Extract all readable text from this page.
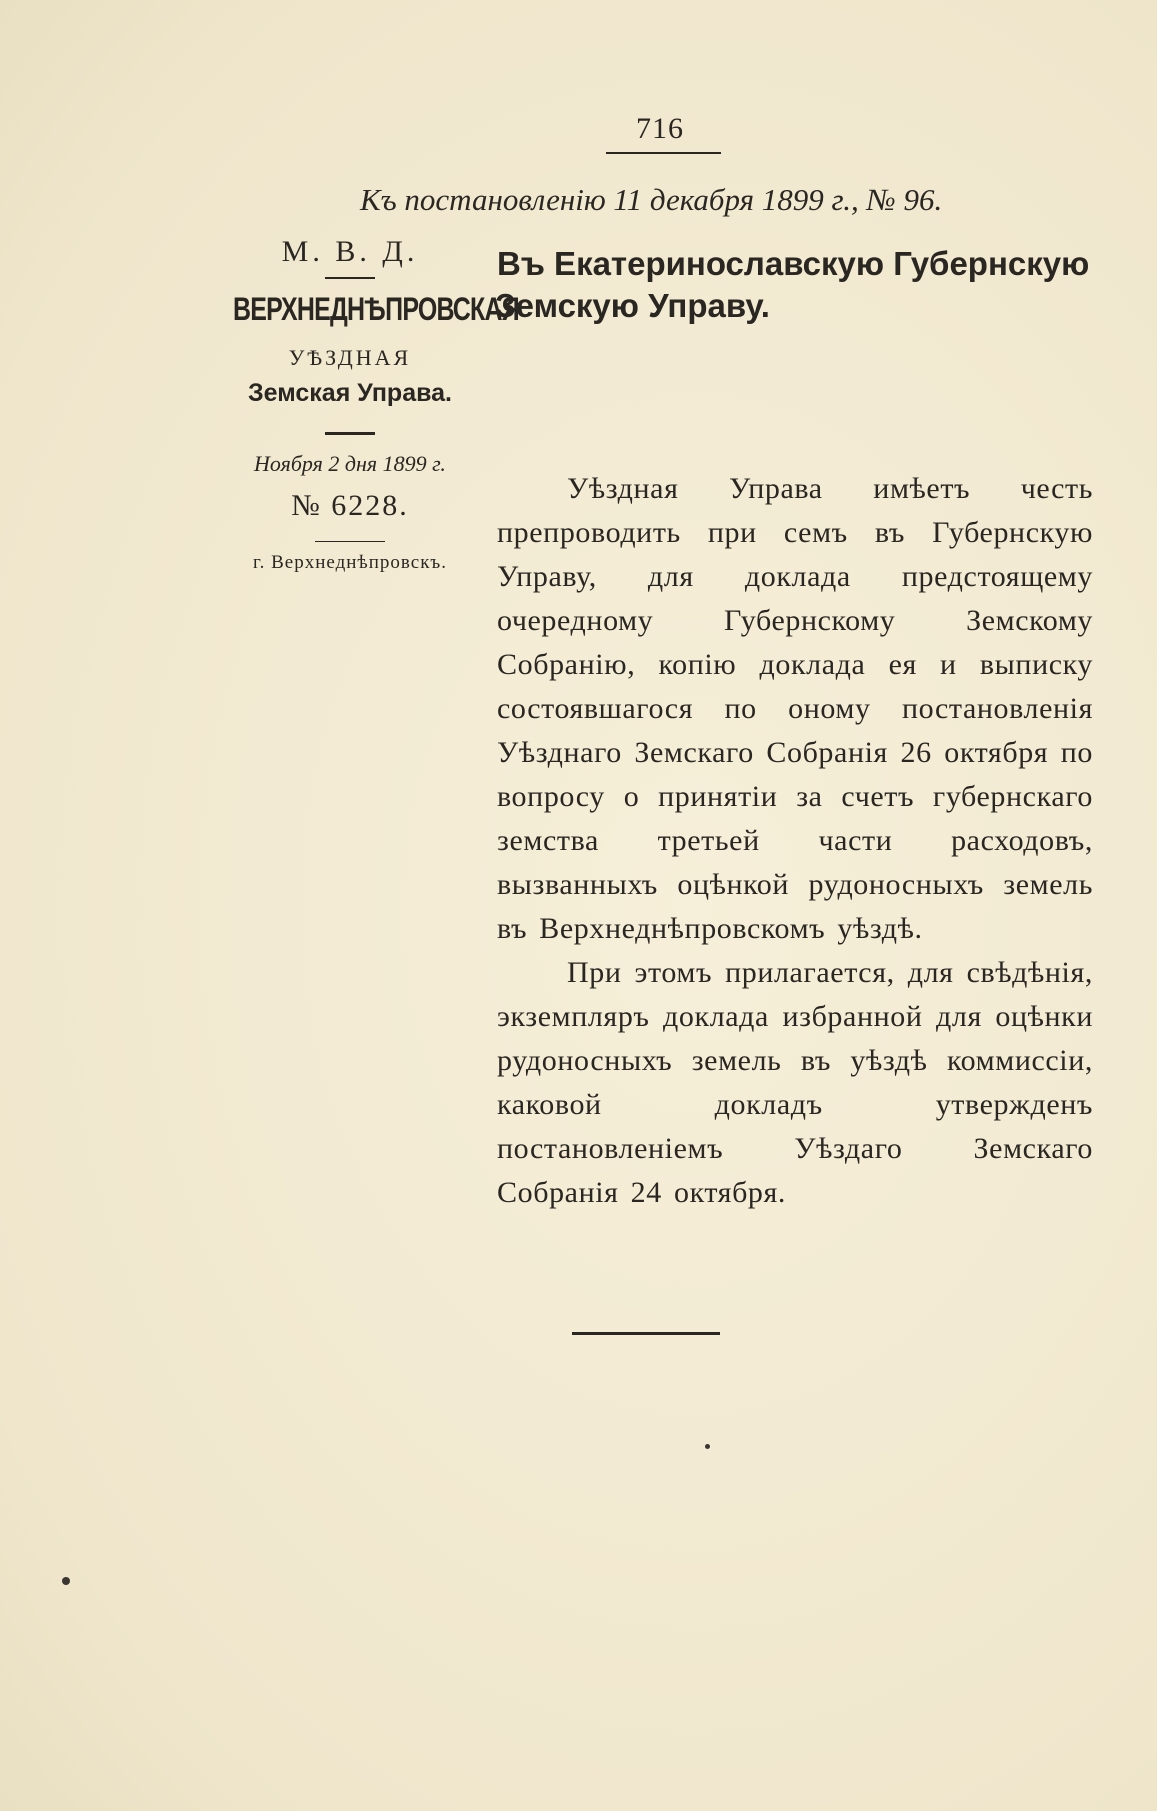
716
Къ постановленію 11 декабря 1899 г., № 96.
М. В. Д.
ВЕРХНЕДНѢПРОВСКАЯ
УѢЗДНАЯ
Земская Управа.
Ноября 2 дня 1899 г.
№ 6228.
г. Верхнеднѣпровскъ.
Въ Екатеринославскую Губернскую
Земскую Управу.

Уѣздная Управа имѣетъ честь препроводить при семъ въ Губернскую Управу, для доклада предстоящему очередному Губернскому Земскому Собранію, копію доклада ея и выписку состоявшагося по оному постановленія Уѣзднаго Земскаго Собранія 26 октября по вопросу о принятіи за счетъ губернскаго земства третьей части расходовъ, вызванныхъ оцѣнкой рудоносныхъ земель въ Верхнеднѣпровскомъ уѣздѣ.

При этомъ прилагается, для свѣдѣнія, экземпляръ доклада избранной для оцѣнки рудоносныхъ земель въ уѣздѣ коммиссіи, каковой докладъ утвержденъ постановленіемъ Уѣздаго Земскаго Собранія 24 октября.
